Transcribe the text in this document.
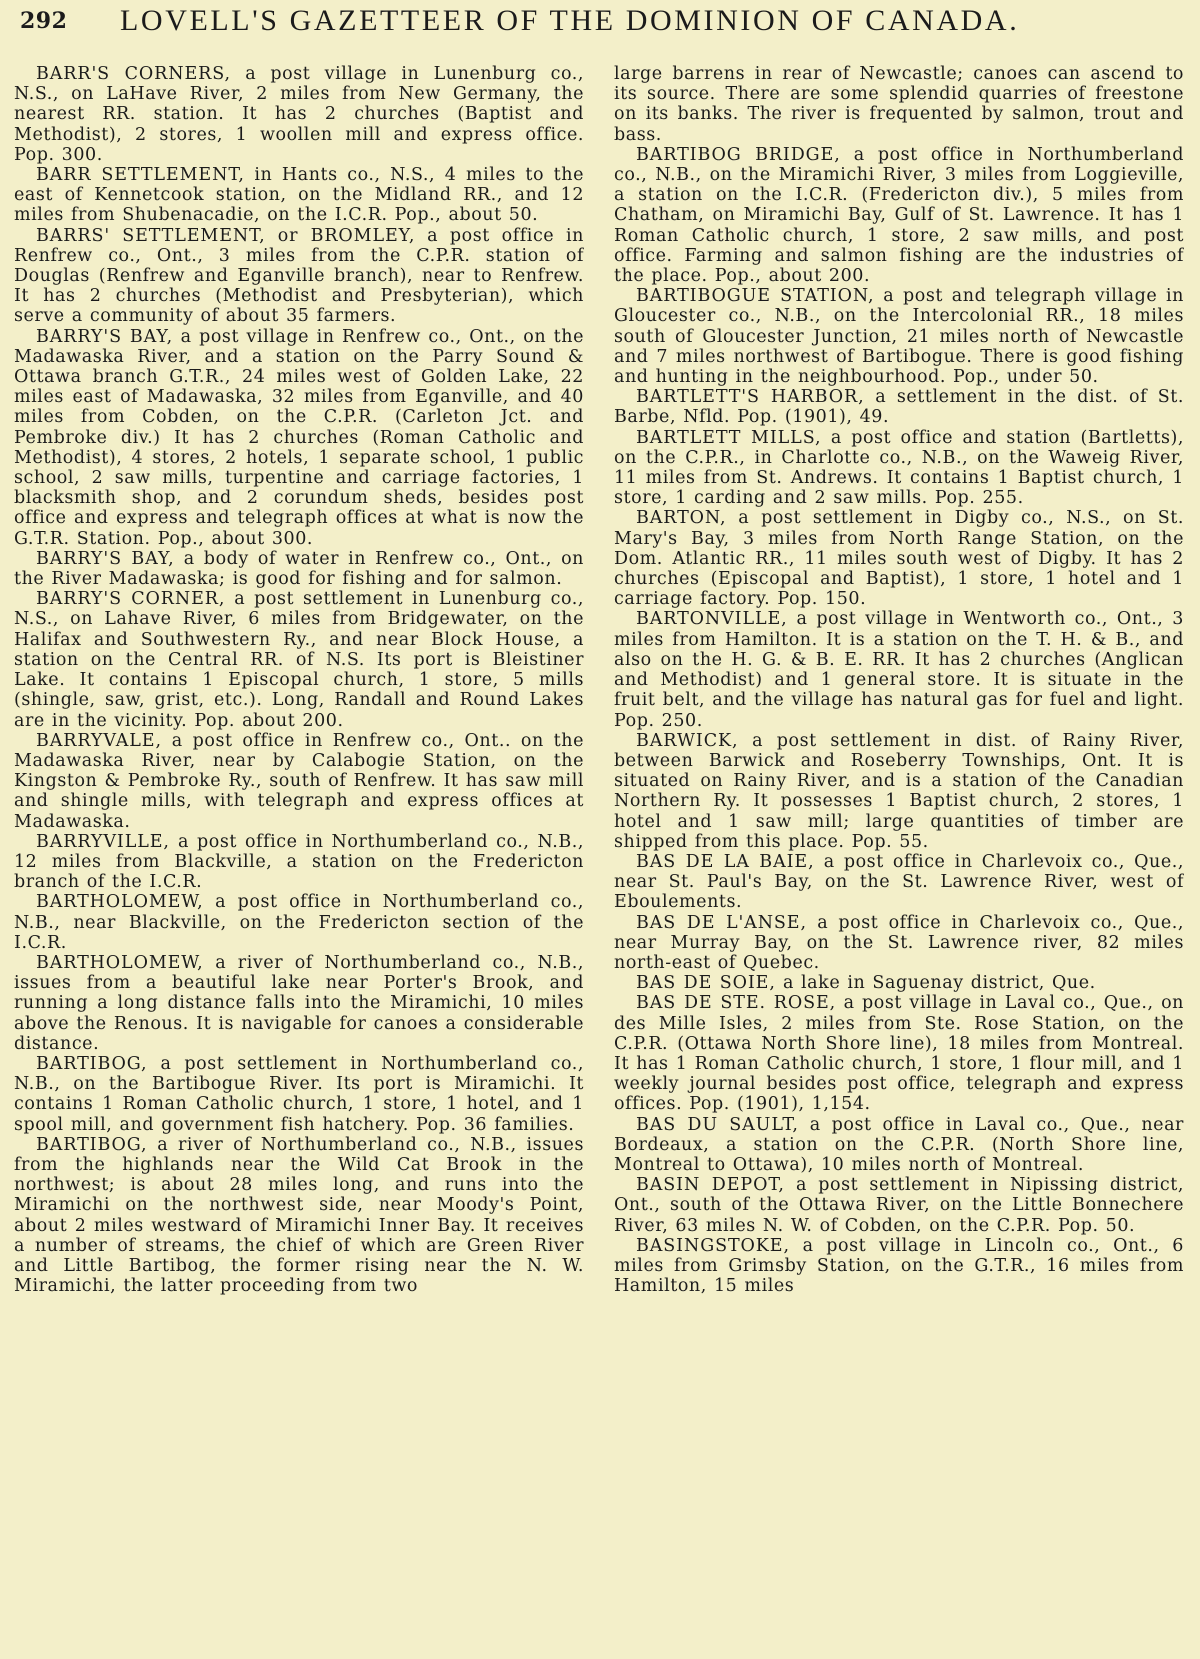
292 LOVELL'S GAZETTEER OF THE DOMINION OF CANADA.

BARR'S CORNERS, a post village in Lunenburg co., N.S., on LaHave River, 2 miles from New Germany, the nearest RR. station. It has 2 churches (Baptist and Methodist), 2 stores, 1 woollen mill and express office. Pop. 300.

BARR SETTLEMENT, in Hants co., N.S., 4 miles to the east of Kennetcook station, on the Midland RR., and 12 miles from Shubenacadie, on the I.C.R. Pop., about 50.

BARRS' SETTLEMENT, or BROMLEY, a post office in Renfrew co., Ont., 3 miles from the C.P.R. station of Douglas (Renfrew and Eganville branch), near to Renfrew. It has 2 churches (Methodist and Presbyterian), which serve a community of about 35 farmers.

BARRY'S BAY, a post village in Renfrew co., Ont., on the Madawaska River, and a station on the Parry Sound & Ottawa branch G.T.R., 24 miles west of Golden Lake, 22 miles east of Madawaska, 32 miles from Eganville, and 40 miles from Cobden, on the C.P.R. (Carleton Jct. and Pembroke div.) It has 2 churches (Roman Catholic and Methodist), 4 stores, 2 hotels, 1 separate school, 1 public school, 2 saw mills, turpentine and carriage factories, 1 blacksmith shop, and 2 corundum sheds, besides post office and express and telegraph offices at what is now the G.T.R. Station. Pop., about 300.

BARRY'S BAY, a body of water in Renfrew co., Ont., on the River Madawaska; is good for fishing and for salmon.

BARRY'S CORNER, a post settlement in Lunenburg co., N.S., on Lahave River, 6 miles from Bridgewater, on the Halifax and Southwestern Ry., and near Block House, a station on the Central RR. of N.S. Its port is Bleistiner Lake. It contains 1 Episcopal church, 1 store, 5 mills (shingle, saw, grist, etc.). Long, Randall and Round Lakes are in the vicinity. Pop. about 200.

BARRYVALE, a post office in Renfrew co., Ont.. on the Madawaska River, near by Calabogie Station, on the Kingston & Pembroke Ry., south of Renfrew. It has saw mill and shingle mills, with telegraph and express offices at Madawaska.

BARRYVILLE, a post office in Northumberland co., N.B., 12 miles from Blackville, a station on the Fredericton branch of the I.C.R.

BARTHOLOMEW, a post office in Northumberland co., N.B., near Blackville, on the Fredericton section of the I.C.R.

BARTHOLOMEW, a river of Northumberland co., N.B., issues from a beautiful lake near Porter's Brook, and running a long distance falls into the Miramichi, 10 miles above the Renous. It is navigable for canoes a considerable distance.

BARTIBOG, a post settlement in Northumberland co., N.B., on the Bartibogue River. Its port is Miramichi. It contains 1 Roman Catholic church, 1 store, 1 hotel, and 1 spool mill, and government fish hatchery. Pop. 36 families.

BARTIBOG, a river of Northumberland co., N.B., issues from the highlands near the Wild Cat Brook in the northwest; is about 28 miles long, and runs into the Miramichi on the northwest side, near Moody's Point, about 2 miles westward of Miramichi Inner Bay. It receives a number of streams, the chief of which are Green River and Little Bartibog, the former rising near the N. W. Miramichi, the latter proceeding from two

large barrens in rear of Newcastle; canoes can ascend to its source. There are some splendid quarries of freestone on its banks. The river is frequented by salmon, trout and bass.

BARTIBOG BRIDGE, a post office in Northumberland co., N.B., on the Miramichi River, 3 miles from Loggieville, a station on the I.C.R. (Fredericton div.), 5 miles from Chatham, on Miramichi Bay, Gulf of St. Lawrence. It has 1 Roman Catholic church, 1 store, 2 saw mills, and post office. Farming and salmon fishing are the industries of the place. Pop., about 200.

BARTIBOGUE STATION, a post and telegraph village in Gloucester co., N.B., on the Intercolonial RR., 18 miles south of Gloucester Junction, 21 miles north of Newcastle and 7 miles northwest of Bartibogue. There is good fishing and hunting in the neighbourhood. Pop., under 50.

BARTLETT'S HARBOR, a settlement in the dist. of St. Barbe, Nfld. Pop. (1901), 49.

BARTLETT MILLS, a post office and station (Bartletts), on the C.P.R., in Charlotte co., N.B., on the Waweig River, 11 miles from St. Andrews. It contains 1 Baptist church, 1 store, 1 carding and 2 saw mills. Pop. 255.

BARTON, a post settlement in Digby co., N.S., on St. Mary's Bay, 3 miles from North Range Station, on the Dom. Atlantic RR., 11 miles south west of Digby. It has 2 churches (Episcopal and Baptist), 1 store, 1 hotel and 1 carriage factory. Pop. 150.

BARTONVILLE, a post village in Wentworth co., Ont., 3 miles from Hamilton. It is a station on the T. H. & B., and also on the H. G. & B. E. RR. It has 2 churches (Anglican and Methodist) and 1 general store. It is situate in the fruit belt, and the village has natural gas for fuel and light. Pop. 250.

BARWICK, a post settlement in dist. of Rainy River, between Barwick and Roseberry Townships, Ont. It is situated on Rainy River, and is a station of the Canadian Northern Ry. It possesses 1 Baptist church, 2 stores, 1 hotel and 1 saw mill; large quantities of timber are shipped from this place. Pop. 55.

BAS DE LA BAIE, a post office in Charlevoix co., Que., near St. Paul's Bay, on the St. Lawrence River, west of Eboulements.

BAS DE L'ANSE, a post office in Charlevoix co., Que., near Murray Bay, on the St. Lawrence river, 82 miles north-east of Quebec.

BAS DE SOIE, a lake in Saguenay district, Que.

BAS DE STE. ROSE, a post village in Laval co., Que., on des Mille Isles, 2 miles from Ste. Rose Station, on the C.P.R. (Ottawa North Shore line), 18 miles from Montreal. It has 1 Roman Catholic church, 1 store, 1 flour mill, and 1 weekly journal besides post office, telegraph and express offices. Pop. (1901), 1,154.

BAS DU SAULT, a post office in Laval co., Que., near Bordeaux, a station on the C.P.R. (North Shore line, Montreal to Ottawa), 10 miles north of Montreal.

BASIN DEPOT, a post settlement in Nipissing district, Ont., south of the Ottawa River, on the Little Bonnechere River, 63 miles N. W. of Cobden, on the C.P.R. Pop. 50.

BASINGSTOKE, a post village in Lincoln co., Ont., 6 miles from Grimsby Station, on the G.T.R., 16 miles from Hamilton, 15 miles
